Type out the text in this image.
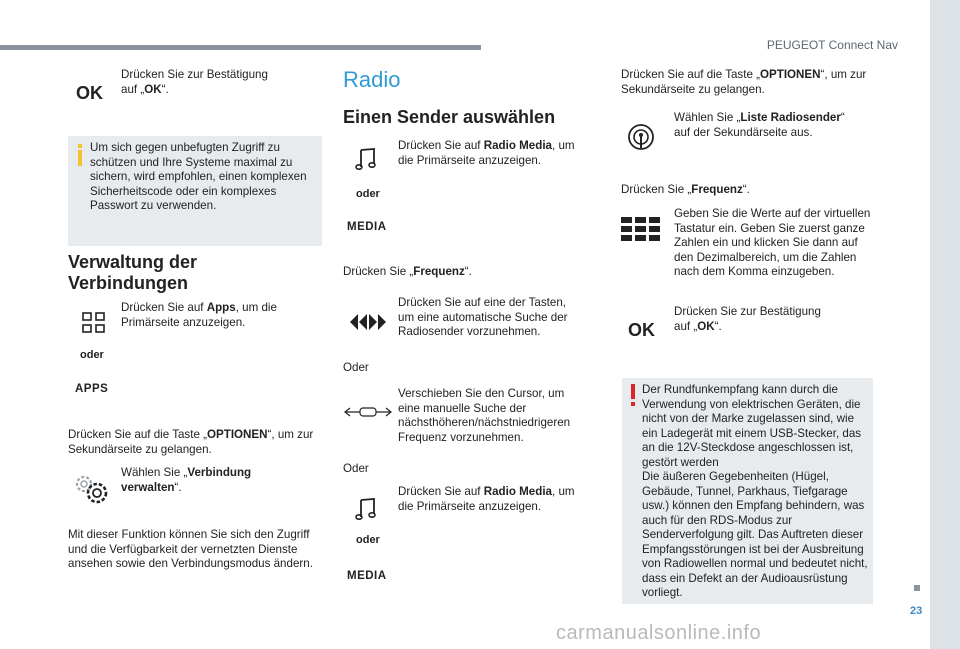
PEUGEOT Connect Nav
23
carmanualsonline.info
OK
Drücken Sie zur Bestätigung
auf „OK“.
Um sich gegen unbefugten Zugriff zu schützen und Ihre Systeme maximal zu sichern, wird empfohlen, einen komplexen Sicherheitscode oder ein komplexes Passwort zu verwenden.
Verwaltung der
Verbindungen
oder
APPS
Drücken Sie auf Apps, um die Primärseite anzuzeigen.
Drücken Sie auf die Taste „OPTIONEN“, um zur Sekundärseite zu gelangen.
Wählen Sie „Verbindung verwalten“.
Mit dieser Funktion können Sie sich den Zugriff und die Verfügbarkeit der vernetzten Dienste ansehen sowie den Verbindungsmodus ändern.
Radio
Einen Sender auswählen
oder
MEDIA
Drücken Sie auf Radio Media, um die Primärseite anzuzeigen.
Drücken Sie „Frequenz“.
Drücken Sie auf eine der Tasten, um eine automatische Suche der Radiosender vorzunehmen.
Oder
Verschieben Sie den Cursor, um eine manuelle Suche der nächsthöheren/nächstniedrigeren Frequenz vorzunehmen.
Oder
oder
MEDIA
Drücken Sie auf Radio Media, um die Primärseite anzuzeigen.
Drücken Sie auf die Taste „OPTIONEN“, um zur Sekundärseite zu gelangen.
Wählen Sie „Liste Radiosender“ auf der Sekundärseite aus.
Drücken Sie „Frequenz“.
Geben Sie die Werte auf der virtuellen Tastatur ein. Geben Sie zuerst ganze Zahlen ein und klicken Sie dann auf den Dezimalbereich, um die Zahlen nach dem Komma einzugeben.
OK
Drücken Sie zur Bestätigung
auf „OK“.
Der Rundfunkempfang kann durch die Verwendung von elektrischen Geräten, die nicht von der Marke zugelassen sind, wie ein Ladegerät mit einem USB-Stecker, das an die 12V-Steckdose angeschlossen ist, gestört werden
Die äußeren Gegebenheiten (Hügel, Gebäude, Tunnel, Parkhaus, Tiefgarage usw.) können den Empfang behindern, was auch für den RDS-Modus zur Senderverfolgung gilt. Das Auftreten dieser Empfangsstörungen ist bei der Ausbreitung von Radiowellen normal und bedeutet nicht, dass ein Defekt an der Audioausrüstung vorliegt.
